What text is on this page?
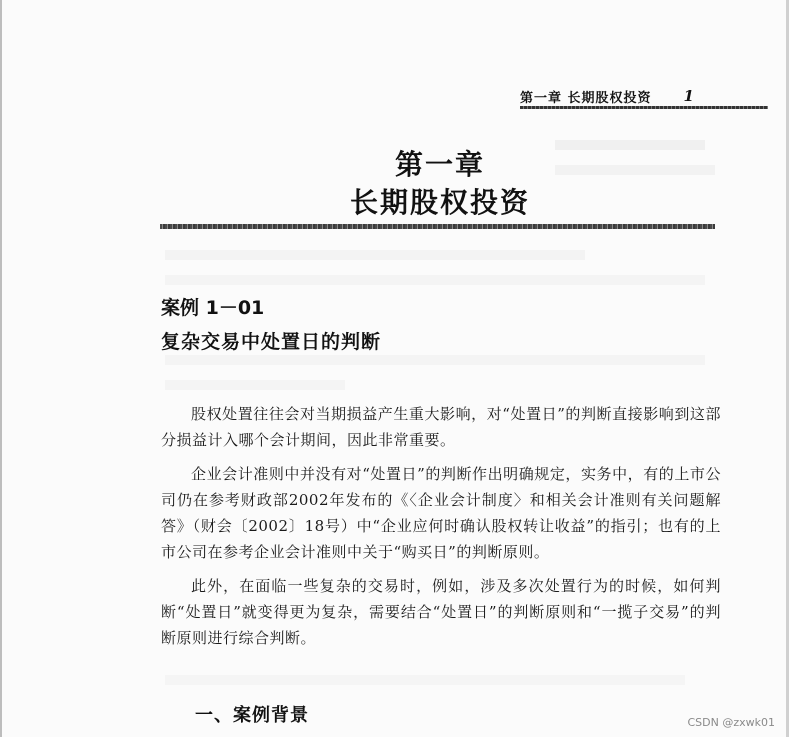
第一章 长期股权投资 1
第一章
长期股权投资
案例 1－01
复杂交易中处置日的判断

股权处置往往会对当期损益产生重大影响，对“处置日”的判断直接影响到这部分损益计入哪个会计期间，因此非常重要。

企业会计准则中并没有对“处置日”的判断作出明确规定，实务中，有的上市公司仍在参考财政部2002年发布的《〈企业会计制度〉和相关会计准则有关问题解答》（财会〔2002〕18号）中“企业应何时确认股权转让收益”的指引；也有的上市公司在参考企业会计准则中关于“购买日”的判断原则。

此外，在面临一些复杂的交易时，例如，涉及多次处置行为的时候，如何判断“处置日”就变得更为复杂，需要结合“处置日”的判断原则和“一揽子交易”的判断原则进行综合判断。

一、案例背景	CSDN @zxwk01
